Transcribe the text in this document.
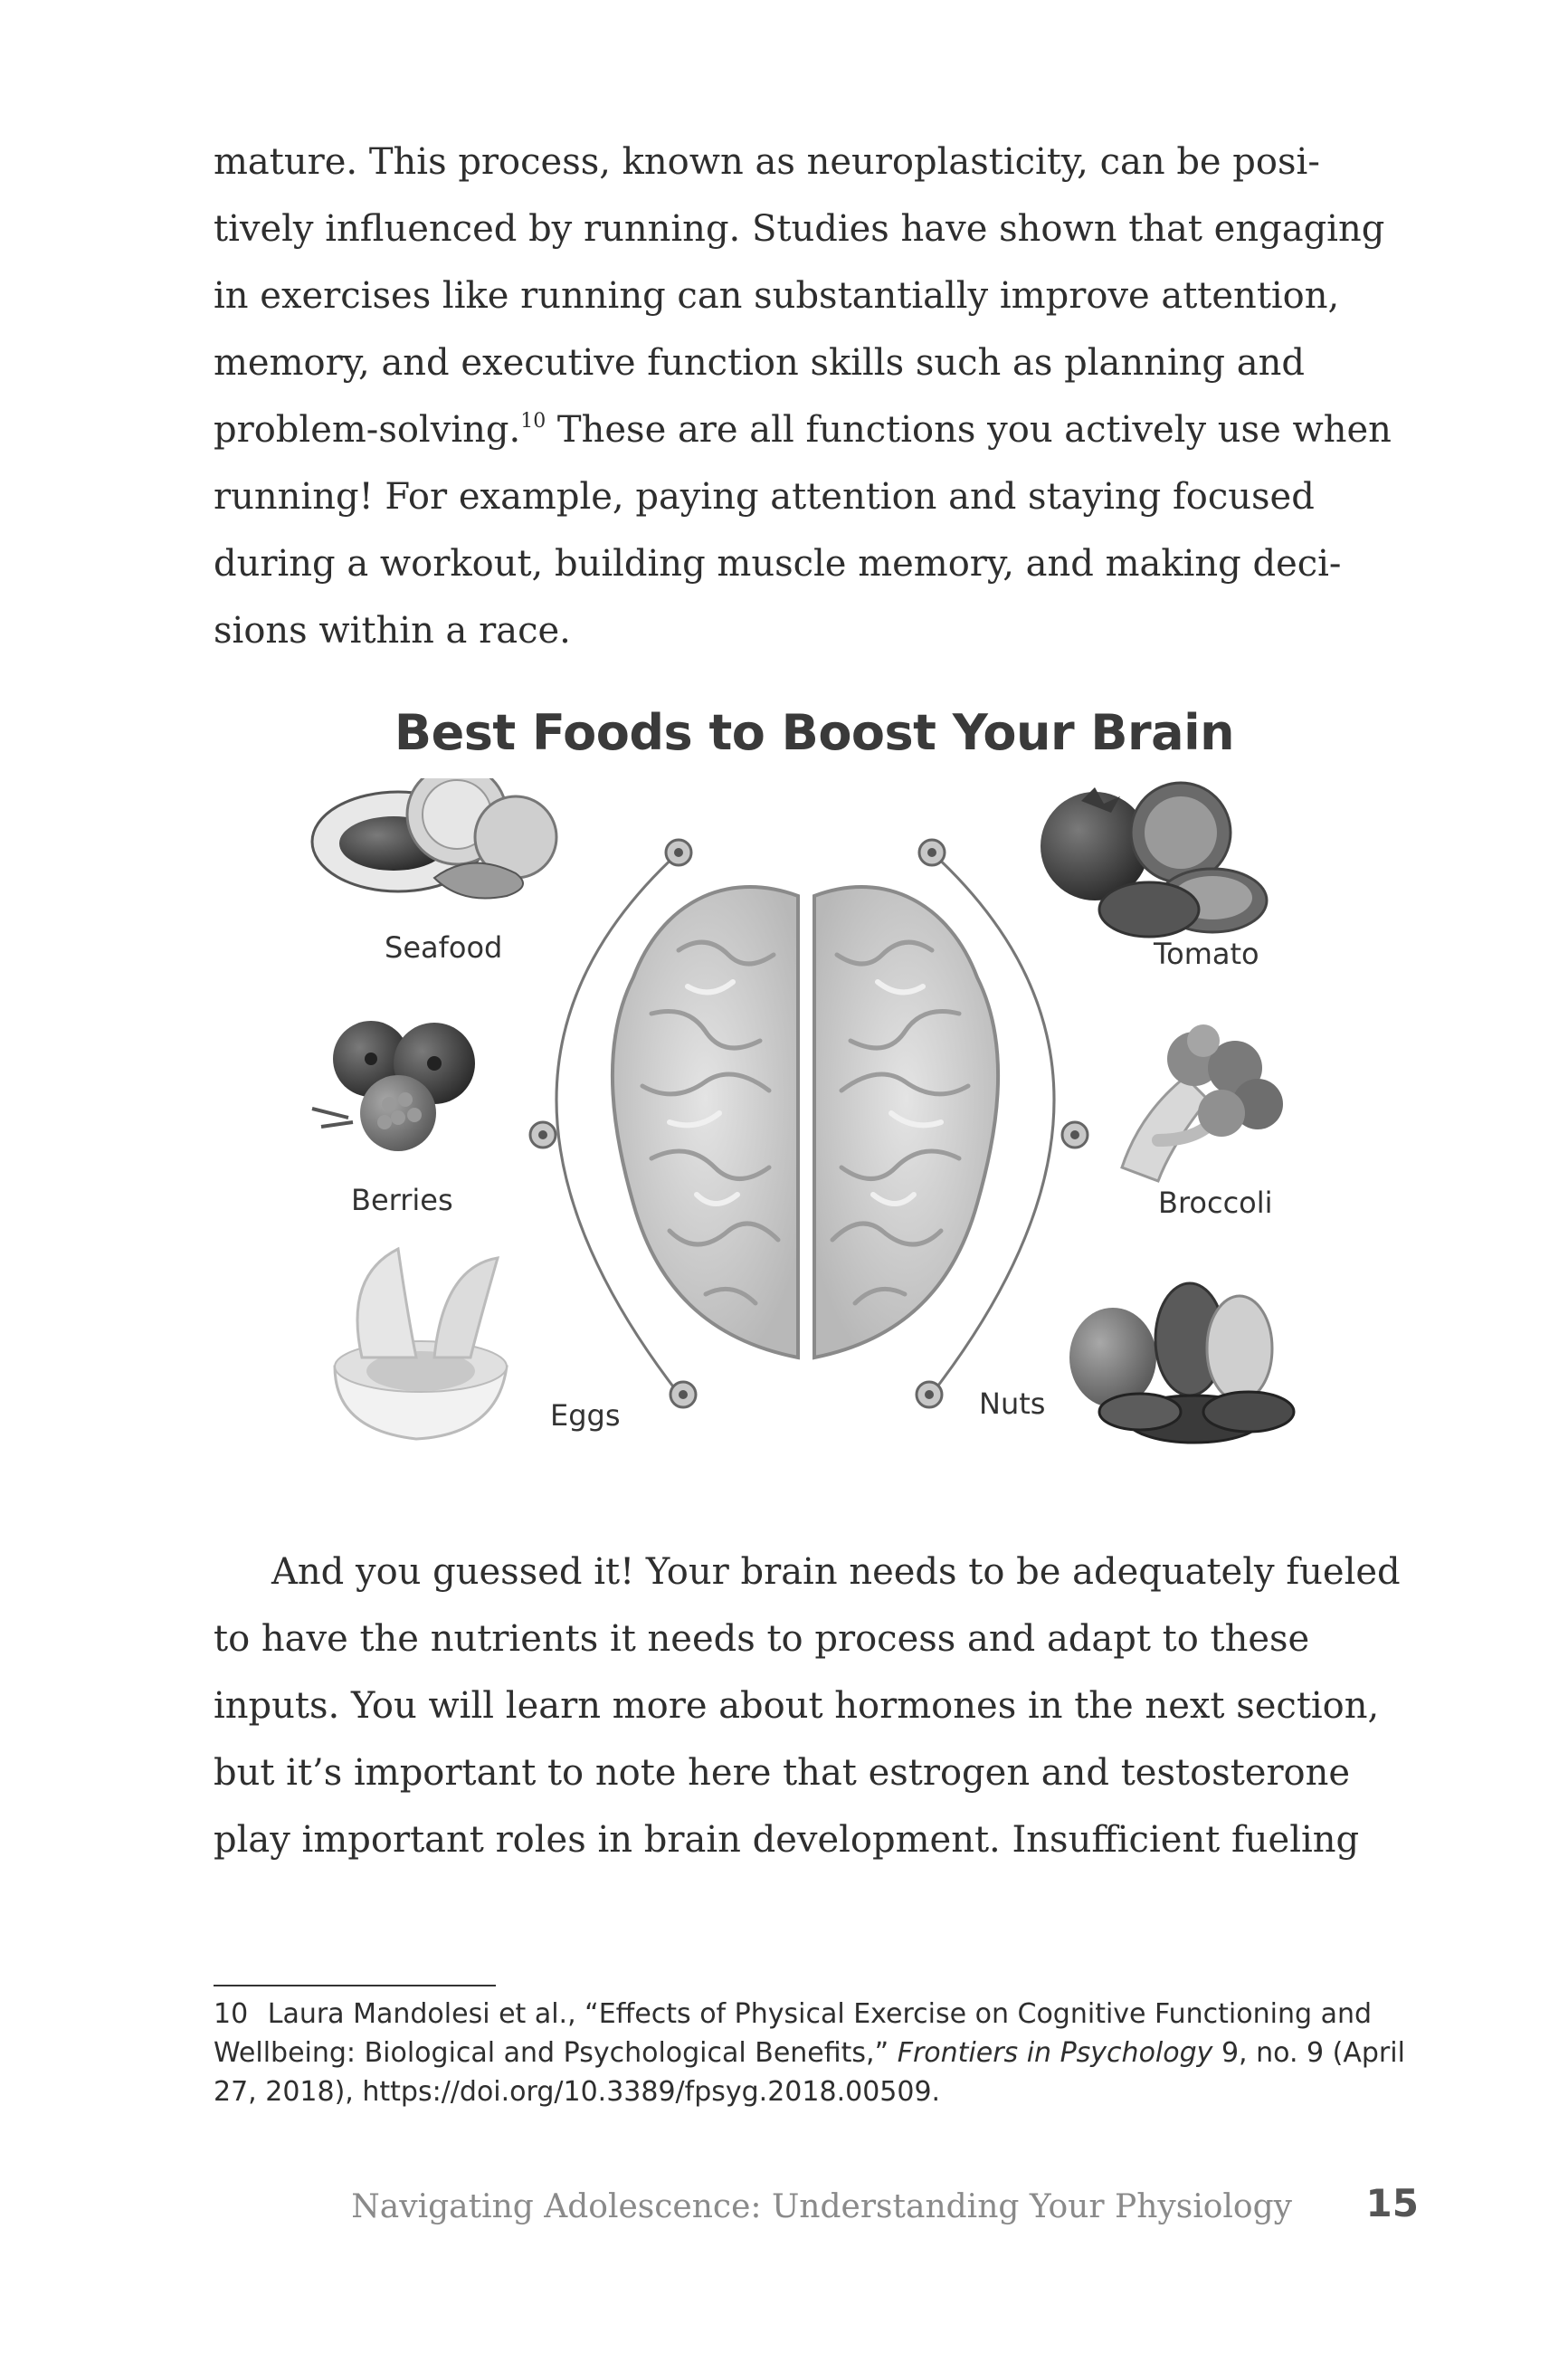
mature. This process, known as neuroplasticity, can be posi-

tively influenced by running. Studies have shown that engaging

in exercises like running can substantially improve attention,

memory, and executive function skills such as planning and

problem-solving.$^{10}$ These are all functions you actively use when

running! For example, paying attention and staying focused

during a workout, building muscle memory, and making deci-

sions within a race.

Best Foods to Boost Your Brain
Seafood	Tomato
Berries	Broccoli
Eggs	Nuts

And you guessed it! Your brain needs to be adequately fueled

to have the nutrients it needs to process and adapt to these

inputs. You will learn more about hormones in the next section,

but it’s important to note here that estrogen and testosterone

play important roles in brain development. Insufficient fueling

10 Laura Mandolesi et al., “Effects of Physical Exercise on Cognitive Functioning and Wellbeing: Biological and Psychological Benefits,” Frontiers in Psychology 9, no. 9 (April 27, 2018), https://doi.org/10.3389/fpsyg.2018.00509.
Navigating Adolescence: Understanding Your Physiology	15
